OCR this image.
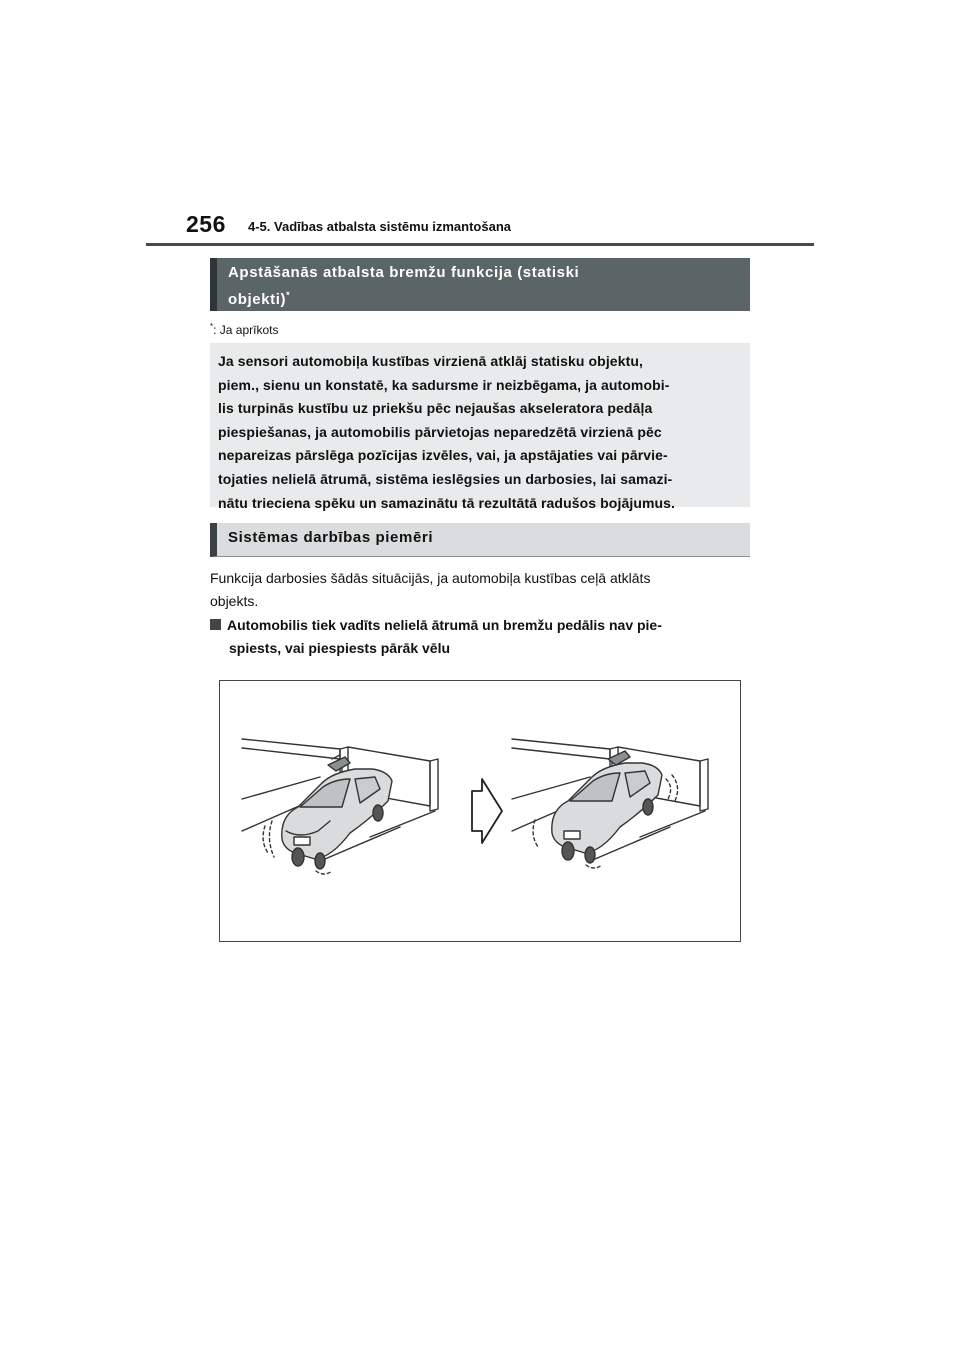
256 4-5. Vadības atbalsta sistēmu izmantošana
Apstāšanās atbalsta bremžu funkcija (statiski
objekti)*
*: Ja aprīkots
Ja sensori automobiļa kustības virzienā atklāj statisku objektu,
piem., sienu un konstatē, ka sadursme ir neizbēgama, ja automobi-
lis turpinās kustību uz priekšu pēc nejaušas akseleratora pedāļa
piespiešanas, ja automobilis pārvietojas neparedzētā virzienā pēc
nepareizas pārslēga pozīcijas izvēles, vai, ja apstājaties vai pārvie-
tojaties nelielā ātrumā, sistēma ieslēgsies un darbosies, lai samazi-
nātu trieciena spēku un samazinātu tā rezultātā radušos bojājumus.
Sistēmas darbības piemēri
Funkcija darbosies šādās situācijās, ja automobiļa kustības ceļā atklāts
objekts.
Automobilis tiek vadīts nelielā ātrumā un bremžu pedālis nav pie-
spiests, vai piespiests pārāk vēlu
